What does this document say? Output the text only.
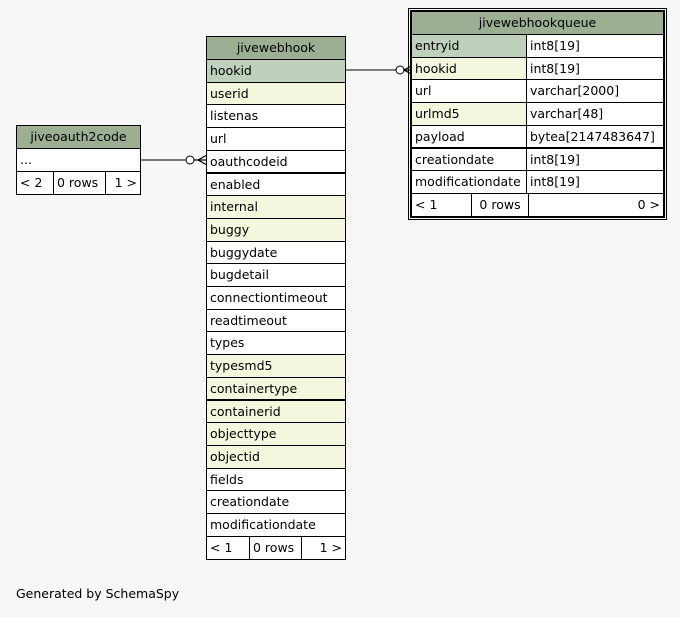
jiveoauth2code
...
< 2	0 rows	1 >
jivewebhook
hookid
userid
listenas
url
oauthcodeid
enabled
internal
buggy
buggydate
bugdetail
connectiontimeout
readtimeout
types
typesmd5
containertype
containerid
objecttype
objectid
fields
creationdate
modificationdate
< 1	0 rows	1 >
jivewebhookqueue
entryid	int8[19]
hookid	int8[19]
url	varchar[2000]
urlmd5	varchar[48]
payload	bytea[2147483647]
creationdate	int8[19]
modificationdate int8[19]
< 1	0 rows	0 >
Generated by SchemaSpy
